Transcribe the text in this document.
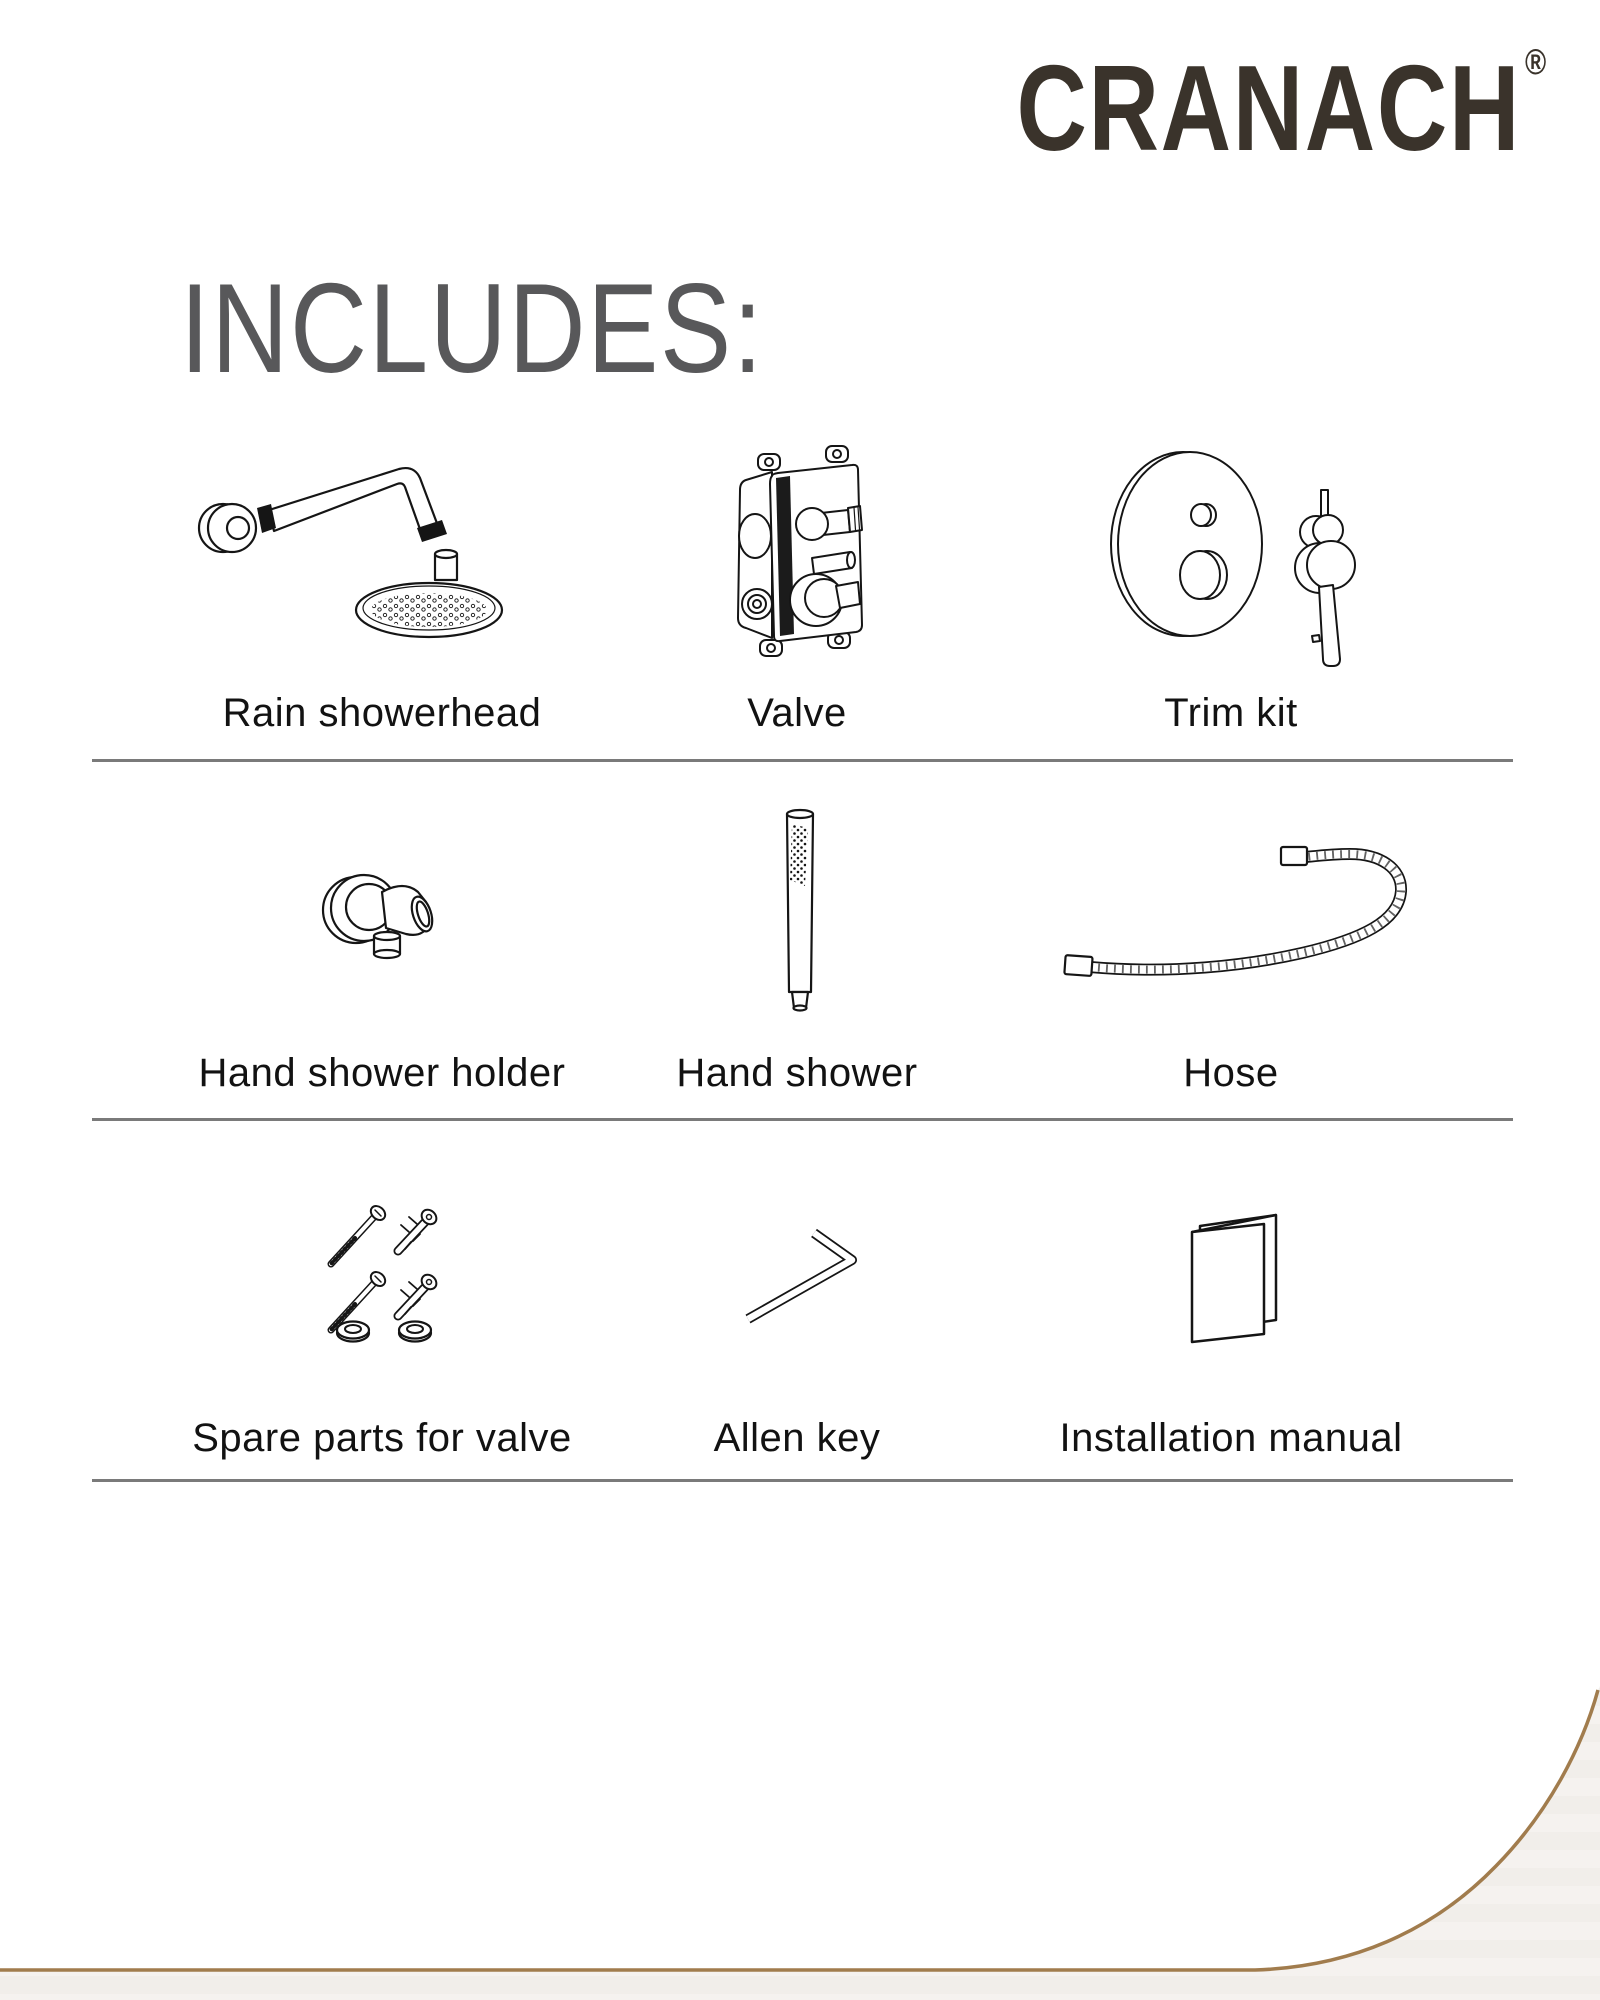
CRANACH ®
INCLUDES:
Rain showerhead	Valve	Trim kit
Hand shower holder	Hand shower	Hose
Spare parts for valve	Allen key	Installation manual
